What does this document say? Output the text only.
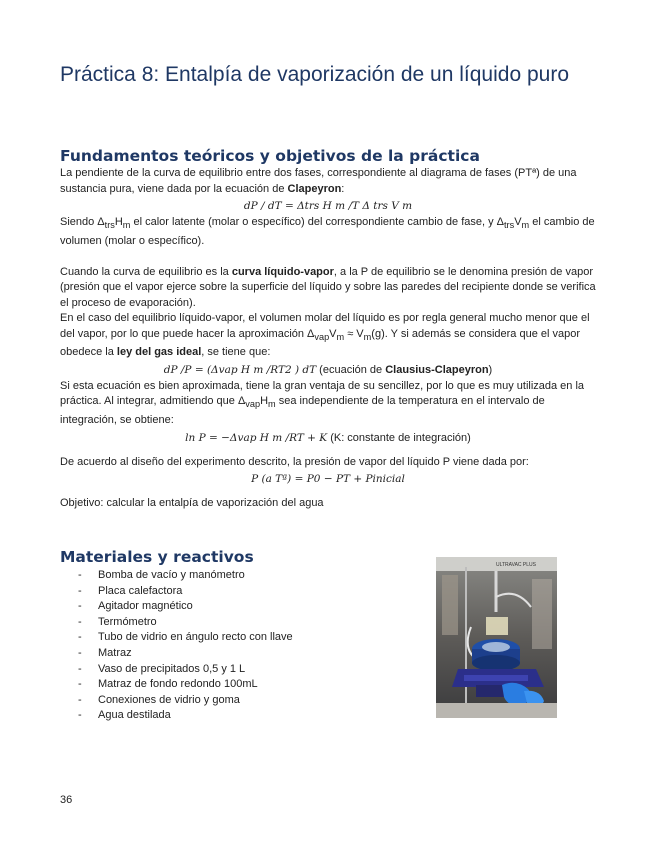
Práctica 8: Entalpía de vaporización de un líquido puro
Fundamentos teóricos y objetivos de la práctica

La pendiente de la curva de equilibrio entre dos fases, correspondiente al diagrama de fases (PTª) de una sustancia pura, viene dada por la ecuación de Clapeyron:

dP / dT = Δtrs H m /T Δ trs V m

Siendo $\Delta_{trs}H_m$ el calor latente (molar o específico) del correspondiente cambio de fase, y $\Delta_{trs}V_m$ el cambio de volumen (molar o específico).

Cuando la curva de equilibrio es la curva líquido-vapor, a la P de equilibrio se le denomina presión de vapor (presión que el vapor ejerce sobre la superficie del líquido y sobre las paredes del recipiente donde se verifica el proceso de evaporación).

En el caso del equilibrio líquido-vapor, el volumen molar del líquido es por regla general mucho menor que el del vapor, por lo que puede hacer la aproximación $\Delta_{vap}V_m \approx V_m(g)$. Y si además se considera que el vapor obedece la ley del gas ideal, se tiene que:

dP /P = (Δvap H m /RT2 ) dT (ecuación de Clausius-Clapeyron)

Si esta ecuación es bien aproximada, tiene la gran ventaja de su sencillez, por lo que es muy utilizada en la práctica. Al integrar, admitiendo que $\Delta_{vap}H_m$ sea independiente de la temperatura en el intervalo de integración, se obtiene:

ln P = −Δvap H m /RT + K (K: constante de integración)

De acuerdo al diseño del experimento descrito, la presión de vapor del líquido P viene dada por:

P (a Tª) = P0 − PT + Pinicial

Objetivo: calcular la entalpía de vaporización del agua

Materiales y reactivos
- Bomba de vacío y manómetro
- Placa calefactora
- Agitador magnético
- Termómetro
- Tubo de vidrio en ángulo recto con llave
- Matraz
- Vaso de precipitados 0,5 y 1 L
- Matraz de fondo redondo 100mL
- Conexiones de vidrio y goma
- Agua destilada
ULTRAVAC PLUS
36
